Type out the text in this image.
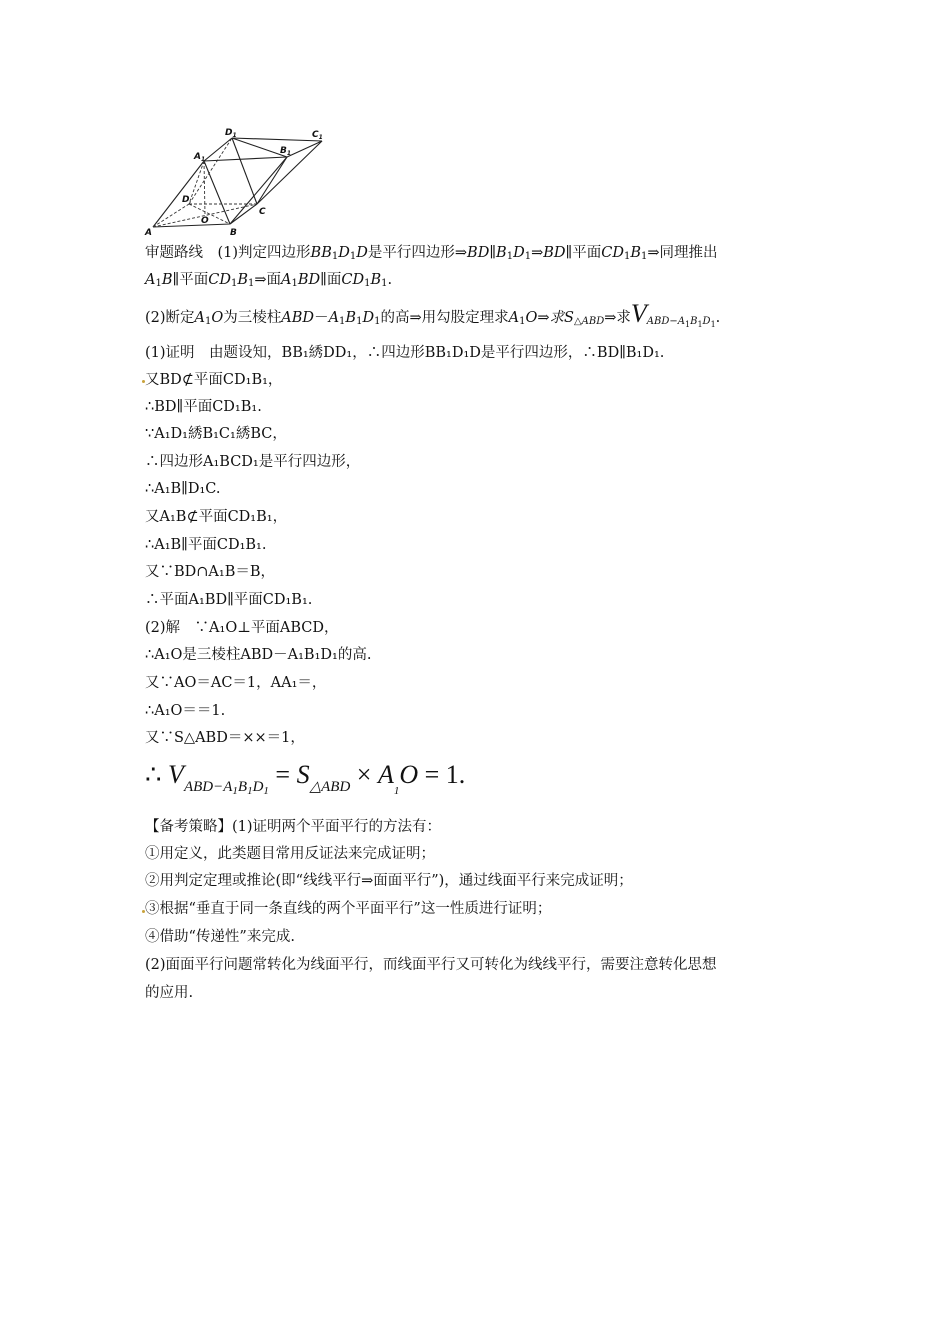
$D_1$	$C_1$
$A_1$
$B_1$
D
O
C
A	B
审题路线　(1)判定四边形$BB_1D_1D$是平行四边形$\Rightarrow BD\parallel B_1D_1\Rightarrow BD\parallel$平面$CD_1B_1\Rightarrow$同理推出
$A_1B\parallel$平面$CD_1B_1\Rightarrow$面$A_1BD\parallel$面$CD_1B_1$.
(2)断定$A_1O$为三棱柱$ABD-A_1B_1D_1$的高⇒用勾股定理求$A_1O\Rightarrow$求$S_{\triangle ABD}\Rightarrow$求$V_{ABD-A1B1D1}$.
(1)证明　由题设知，BB₁綉DD₁，∴四边形BB₁D₁D是平行四边形，∴BD∥B₁D₁.
又BD⊄平面CD₁B₁，
∴BD∥平面CD₁B₁.
∵A₁D₁綉B₁C₁綉BC，
∴四边形A₁BCD₁是平行四边形，
∴A₁B∥D₁C.
又A₁B⊄平面CD₁B₁，
∴A₁B∥平面CD₁B₁.
又∵BD∩A₁B＝B，
∴平面A₁BD∥平面CD₁B₁.
(2)解　∵A₁O⊥平面ABCD，
∴A₁O是三棱柱ABD－A₁B₁D₁的高.
又∵AO＝AC＝1，AA₁＝，
∴A₁O＝＝1.
又∵S△ABD＝××＝1，
∴ $V_{ABD-A1B1D1} = S_{\triangle ABD} \times A_1O = 1$.
【备考策略】(1)证明两个平面平行的方法有：
①用定义，此类题目常用反证法来完成证明；
②用判定定理或推论(即“线线平行⇒面面平行”)，通过线面平行来完成证明；
③根据“垂直于同一条直线的两个平面平行”这一性质进行证明；
④借助“传递性”来完成.
(2)面面平行问题常转化为线面平行，而线面平行又可转化为线线平行，需要注意转化思想
的应用.
